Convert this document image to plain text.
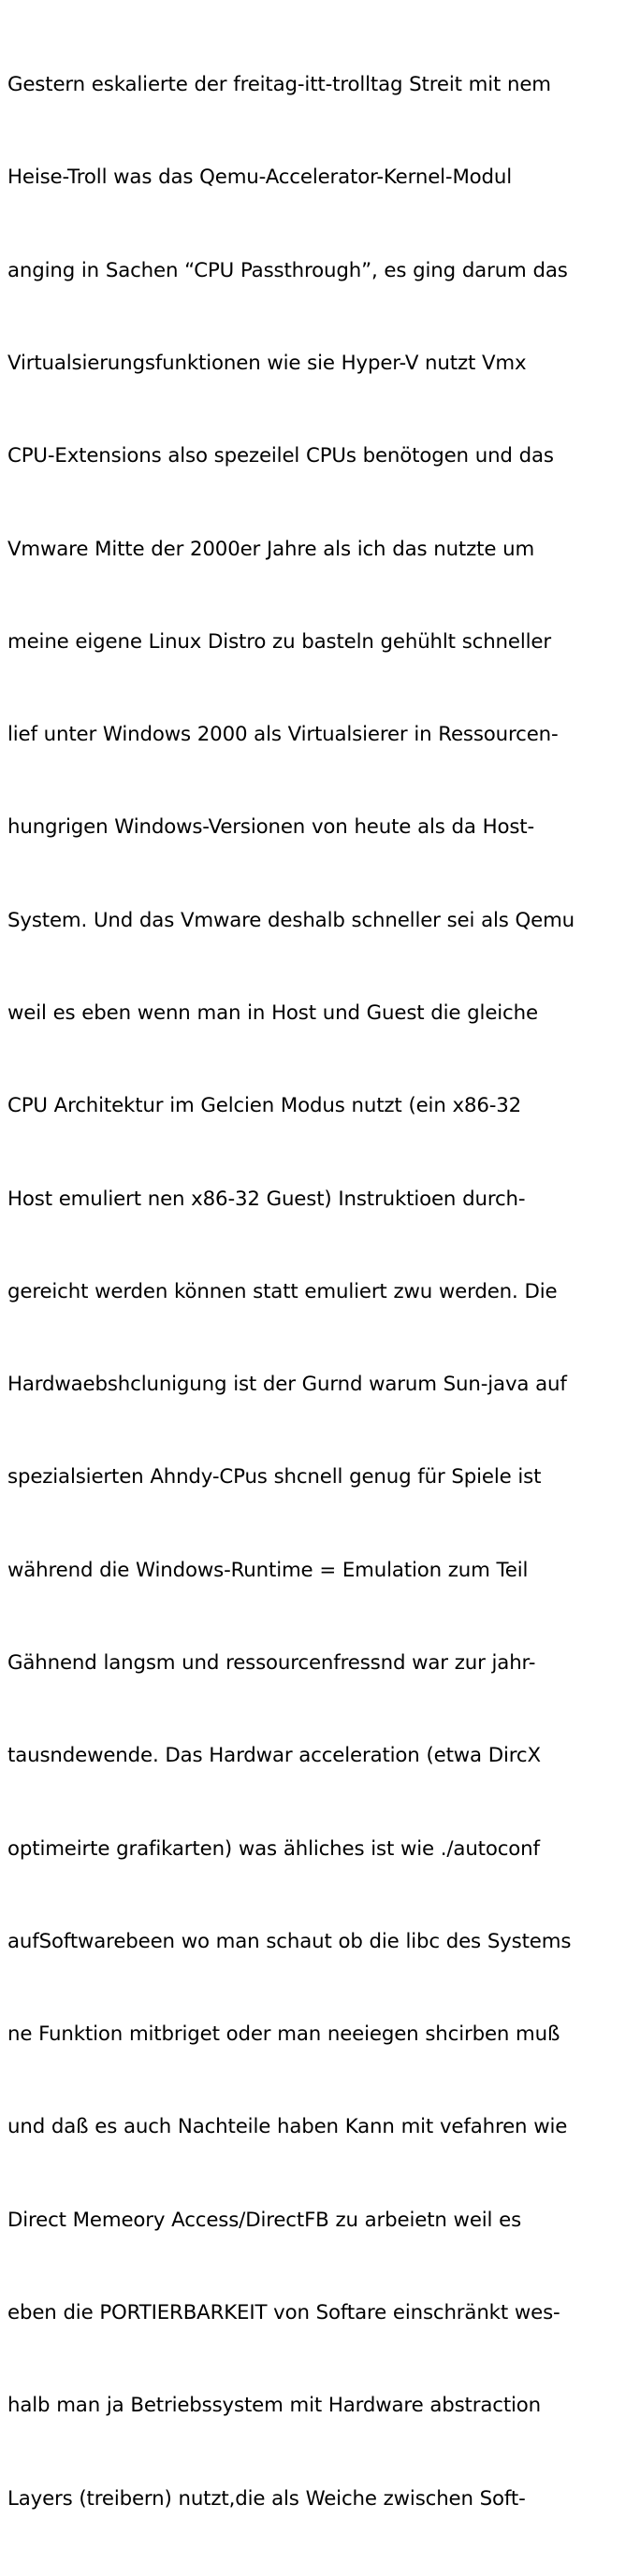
Gestern eskalierte der freitag-itt-trolltag Streit mit nem

Heise-Troll was das Qemu-Accelerator-Kernel-Modul

anging in Sachen “CPU Passthrough”, es ging darum das

Virtualsierungsfunktionen wie sie Hyper-V nutzt Vmx

CPU-Extensions also spezeilel CPUs benötogen und das

Vmware Mitte der 2000er Jahre als ich das nutzte um

meine eigene Linux Distro zu basteln gehühlt schneller

lief unter Windows 2000 als Virtualsierer in Ressourcen-

hungrigen Windows-Versionen von heute als da Host-

System. Und das Vmware deshalb schneller sei als Qemu

weil es eben wenn man in Host und Guest die gleiche

CPU Architektur im Gelcien Modus nutzt (ein x86-32

Host emuliert nen x86-32 Guest) Instruktioen durch-

gereicht werden können statt emuliert zwu werden. Die

Hardwaebshclunigung ist der Gurnd warum Sun-java auf

spezialsierten Ahndy-CPus shcnell genug für Spiele ist

während die Windows-Runtime = Emulation zum Teil

Gähnend langsm und ressourcenfressnd war zur jahr-

tausndewende. Das Hardwar acceleration (etwa DircX

optimeirte grafikarten) was ähliches ist wie ./autoconf

aufSoftwarebeen wo man schaut ob die libc des Systems

ne Funktion mitbriget oder man neeiegen shcirben muß

und daß es auch Nachteile haben Kann mit vefahren wie

Direct Memeory Access/DirectFB zu arbeietn weil es

eben die PORTIERBARKEIT von Softare einschränkt wes-

halb man ja Betriebssystem mit Hardware abstraction

Layers (treibern) nutzt,die als Weiche zwischen Soft-
